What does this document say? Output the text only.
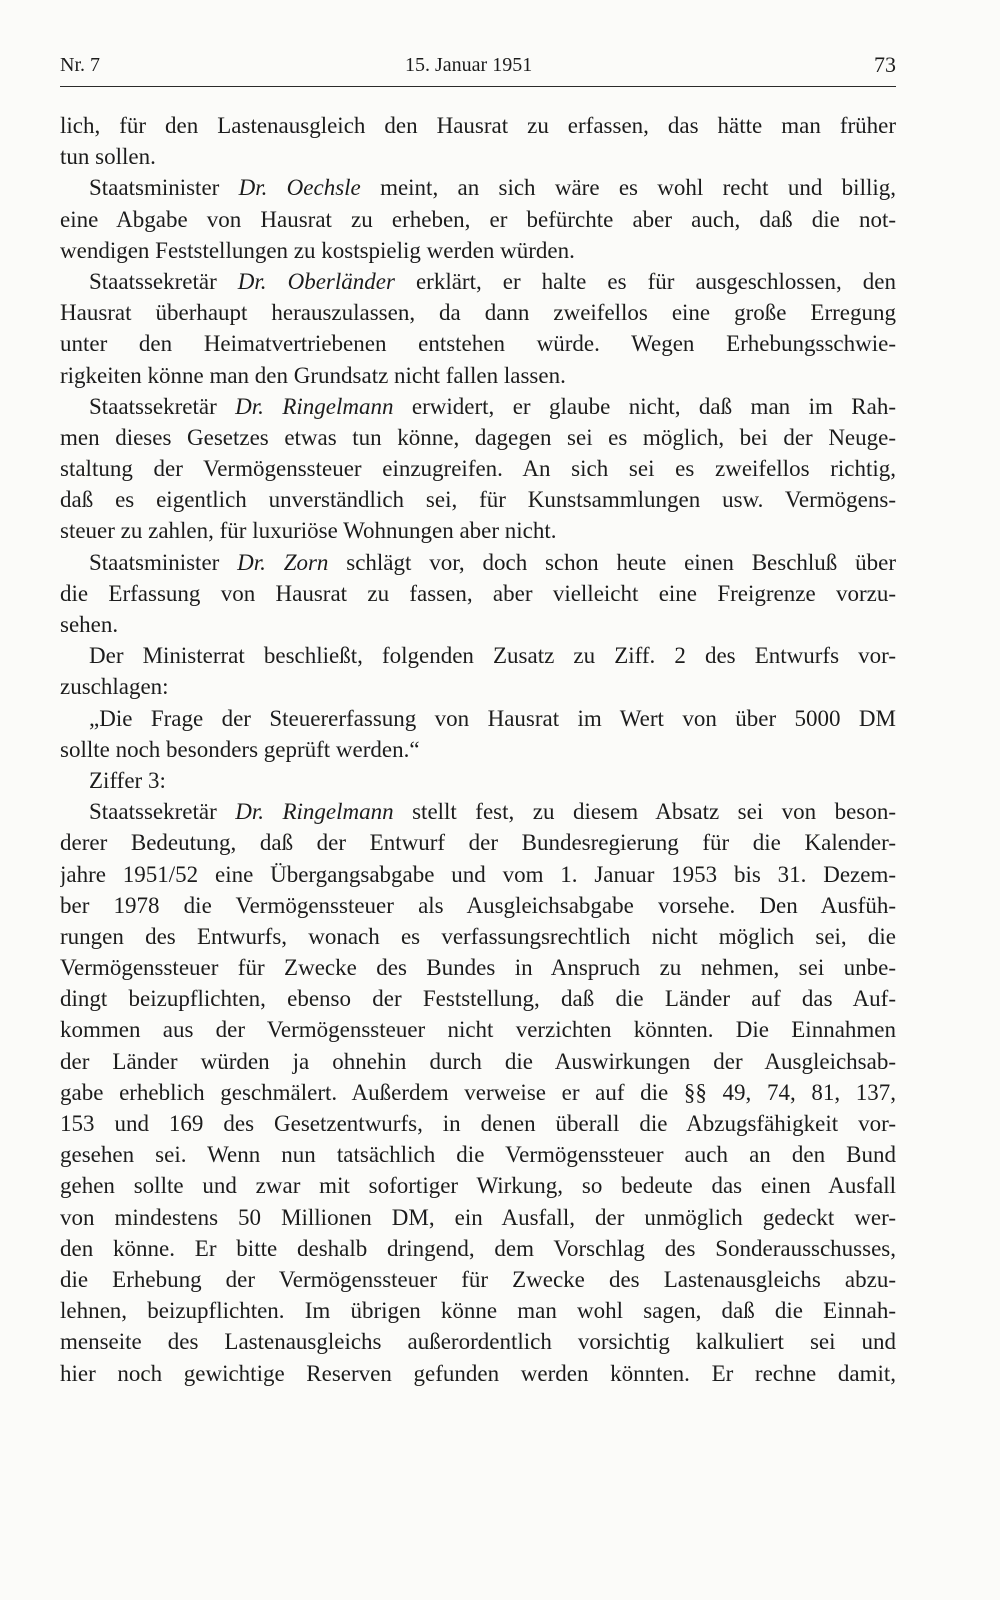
Nr. 7	15. Januar 1951	73
lich, für den Lastenausgleich den Hausrat zu erfassen, das hätte man früher
tun sollen.
Staatsminister Dr. Oechsle meint, an sich wäre es wohl recht und billig,
eine Abgabe von Hausrat zu erheben, er befürchte aber auch, daß die not-
wendigen Feststellungen zu kostspielig werden würden.
Staatssekretär Dr. Oberländer erklärt, er halte es für ausgeschlossen, den
Hausrat überhaupt herauszulassen, da dann zweifellos eine große Erregung
unter den Heimatvertriebenen entstehen würde. Wegen Erhebungsschwie-
rigkeiten könne man den Grundsatz nicht fallen lassen.
Staatssekretär Dr. Ringelmann erwidert, er glaube nicht, daß man im Rah-
men dieses Gesetzes etwas tun könne, dagegen sei es möglich, bei der Neuge-
staltung der Vermögenssteuer einzugreifen. An sich sei es zweifellos richtig,
daß es eigentlich unverständlich sei, für Kunstsammlungen usw. Vermögens-
steuer zu zahlen, für luxuriöse Wohnungen aber nicht.
Staatsminister Dr. Zorn schlägt vor, doch schon heute einen Beschluß über
die Erfassung von Hausrat zu fassen, aber vielleicht eine Freigrenze vorzu-
sehen.
Der Ministerrat beschließt, folgenden Zusatz zu Ziff. 2 des Entwurfs vor-
zuschlagen:
„Die Frage der Steuererfassung von Hausrat im Wert von über 5000 DM
sollte noch besonders geprüft werden.“
Ziffer 3:
Staatssekretär Dr. Ringelmann stellt fest, zu diesem Absatz sei von beson-
derer Bedeutung, daß der Entwurf der Bundesregierung für die Kalender-
jahre 1951/52 eine Übergangsabgabe und vom 1. Januar 1953 bis 31. Dezem-
ber 1978 die Vermögenssteuer als Ausgleichsabgabe vorsehe. Den Ausfüh-
rungen des Entwurfs, wonach es verfassungsrechtlich nicht möglich sei, die
Vermögenssteuer für Zwecke des Bundes in Anspruch zu nehmen, sei unbe-
dingt beizupflichten, ebenso der Feststellung, daß die Länder auf das Auf-
kommen aus der Vermögenssteuer nicht verzichten könnten. Die Einnahmen
der Länder würden ja ohnehin durch die Auswirkungen der Ausgleichsab-
gabe erheblich geschmälert. Außerdem verweise er auf die §§ 49, 74, 81, 137,
153 und 169 des Gesetzentwurfs, in denen überall die Abzugsfähigkeit vor-
gesehen sei. Wenn nun tatsächlich die Vermögenssteuer auch an den Bund
gehen sollte und zwar mit sofortiger Wirkung, so bedeute das einen Ausfall
von mindestens 50 Millionen DM, ein Ausfall, der unmöglich gedeckt wer-
den könne. Er bitte deshalb dringend, dem Vorschlag des Sonderausschusses,
die Erhebung der Vermögenssteuer für Zwecke des Lastenausgleichs abzu-
lehnen, beizupflichten. Im übrigen könne man wohl sagen, daß die Einnah-
menseite des Lastenausgleichs außerordentlich vorsichtig kalkuliert sei und
hier noch gewichtige Reserven gefunden werden könnten. Er rechne damit,
